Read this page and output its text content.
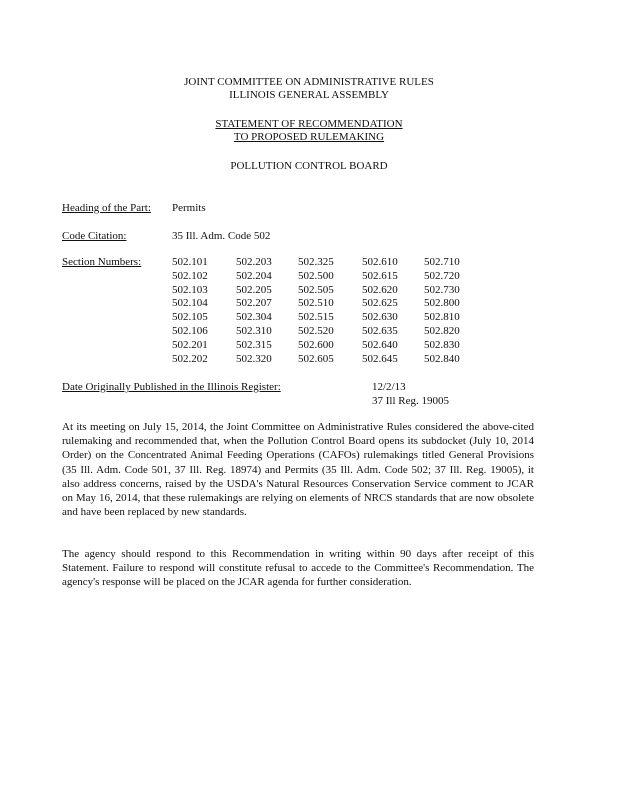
JOINT COMMITTEE ON ADMINISTRATIVE RULES
ILLINOIS GENERAL ASSEMBLY
STATEMENT OF RECOMMENDATION
TO PROPOSED RULEMAKING
POLLUTION CONTROL BOARD
Heading of the Part: Permits
Code Citation:	35 Ill. Adm. Code 502
Section Numbers:	502.101	502.203	502.325	502.610	502.710
502.102	502.204	502.500	502.615	502.720
502.103	502.205	502.505	502.620	502.730
502.104	502.207	502.510	502.625	502.800
502.105	502.304	502.515	502.630	502.810
502.106	502.310	502.520	502.635	502.820
502.201	502.315	502.600	502.640	502.830
502.202	502.320	502.605	502.645	502.840
Date Originally Published in the Illinois Register:	12/2/13
37 Ill Reg. 19005
At its meeting on July 15, 2014, the Joint Committee on Administrative Rules considered the above-cited rulemaking and recommended that, when the Pollution Control Board opens its subdocket (July 10, 2014 Order) on the Concentrated Animal Feeding Operations (CAFOs) rulemakings titled General Provisions (35 Ill. Adm. Code 501, 37 Ill. Reg. 18974) and Permits (35 Ill. Adm. Code 502; 37 Ill. Reg. 19005), it also address concerns, raised by the USDA's Natural Resources Conservation Service comment to JCAR on May 16, 2014, that these rulemakings are relying on elements of NRCS standards that are now obsolete and have been replaced by new standards.
The agency should respond to this Recommendation in writing within 90 days after receipt of this Statement. Failure to respond will constitute refusal to accede to the Committee's Recommendation. The agency's response will be placed on the JCAR agenda for further consideration.
